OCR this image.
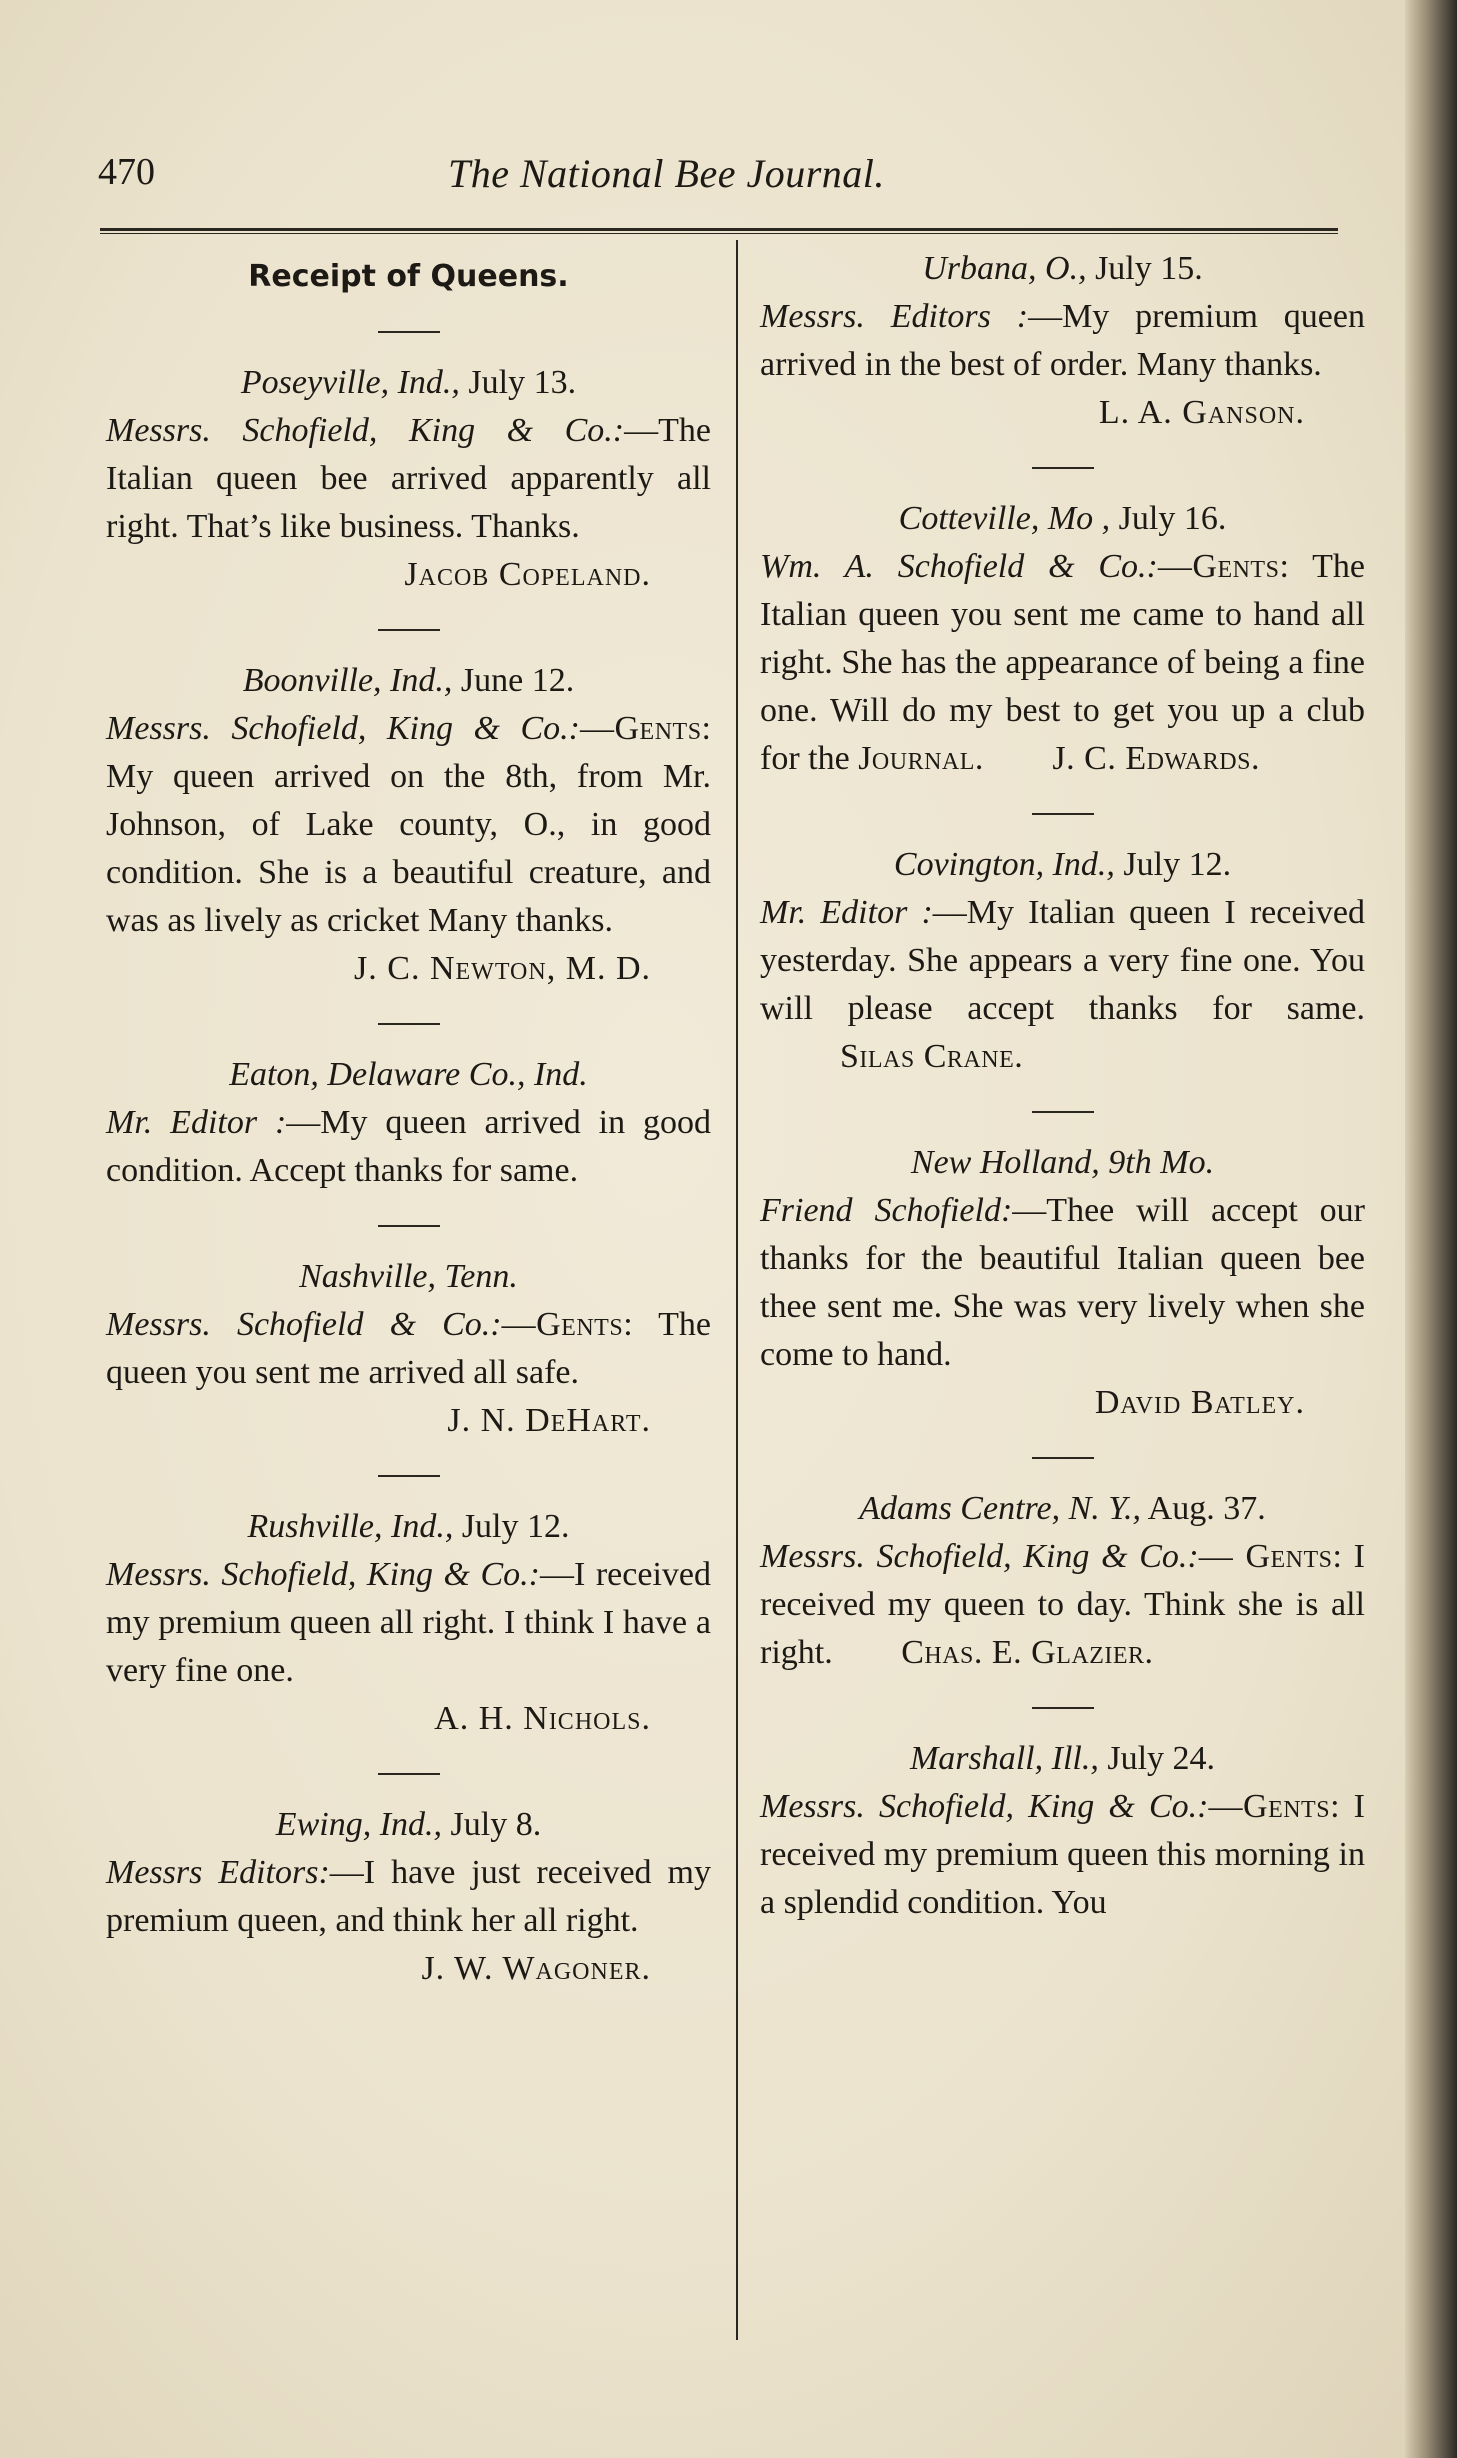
470	The National Bee Journal.
Receipt of Queens.
Poseyville, Ind., July 13.
Messrs. Schofield, King & Co.:—The Italian queen bee arrived apparently all right. That’s like business. Thanks.
Jacob Copeland.
Boonville, Ind., June 12.
Messrs. Schofield, King & Co.:—Gents: My queen arrived on the 8th, from Mr. Johnson, of Lake county, O., in good condition. She is a beautiful creature, and was as lively as cricket Many thanks.
J. C. Newton, M. D.
Eaton, Delaware Co., Ind.
Mr. Editor :—My queen arrived in good condition. Accept thanks for same.
Nashville, Tenn.
Messrs. Schofield & Co.:—Gents: The queen you sent me arrived all safe.
J. N. DeHart.
Rushville, Ind., July 12.
Messrs. Schofield, King & Co.:—I received my premium queen all right. I think I have a very fine one.
A. H. Nichols.
Ewing, Ind., July 8.
Messrs Editors:—I have just received my premium queen, and think her all right.
J. W. Wagoner.
Urbana, O., July 15.
Messrs. Editors :—My premium queen arrived in the best of order. Many thanks.
L. A. Ganson.
Cotteville, Mo , July 16.
Wm. A. Schofield & Co.:—Gents: The Italian queen you sent me came to hand all right. She has the appearance of being a fine one. Will do my best to get you up a club for the Journal. J. C. Edwards.
Covington, Ind., July 12.
Mr. Editor :—My Italian queen I received yesterday. She appears a very fine one. You will please accept thanks for same. Silas Crane.
New Holland, 9th Mo.
Friend Schofield:—Thee will accept our thanks for the beautiful Italian queen bee thee sent me. She was very lively when she come to hand.
David Batley.
Adams Centre, N. Y., Aug. 37.
Messrs. Schofield, King & Co.:— Gents: I received my queen to day. Think she is all right. Chas. E. Glazier.
Marshall, Ill., July 24.
Messrs. Schofield, King & Co.:—Gents: I received my premium queen this morning in a splendid condition. You
